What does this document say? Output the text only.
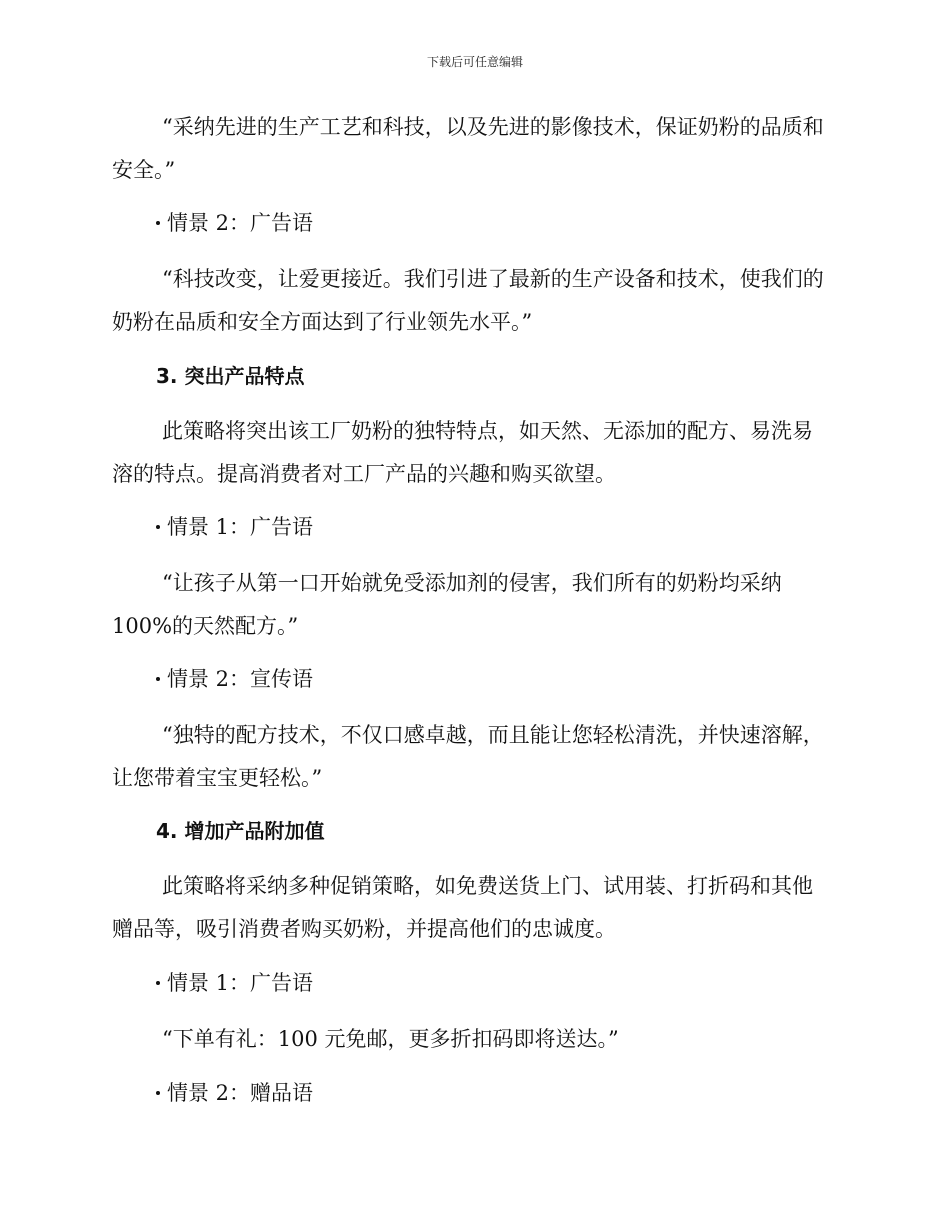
下载后可任意编辑

“采纳先进的生产工艺和科技，以及先进的影像技术，保证奶粉的品质和安全。”

情景 2：广告语

“科技改变，让爱更接近。我们引进了最新的生产设备和技术，使我们的奶粉在品质和安全方面达到了行业领先水平。”

3. 突出产品特点

此策略将突出该工厂奶粉的独特特点，如天然、无添加的配方、易洗易溶的特点。提高消费者对工厂产品的兴趣和购买欲望。

情景 1：广告语

“让孩子从第一口开始就免受添加剂的侵害，我们所有的奶粉均采纳100%的天然配方。”

情景 2：宣传语

“独特的配方技术，不仅口感卓越，而且能让您轻松清洗，并快速溶解，让您带着宝宝更轻松。”

4. 增加产品附加值

此策略将采纳多种促销策略，如免费送货上门、试用装、打折码和其他赠品等，吸引消费者购买奶粉，并提高他们的忠诚度。

情景 1：广告语

“下单有礼：100 元免邮，更多折扣码即将送达。”

情景 2：赠品语
